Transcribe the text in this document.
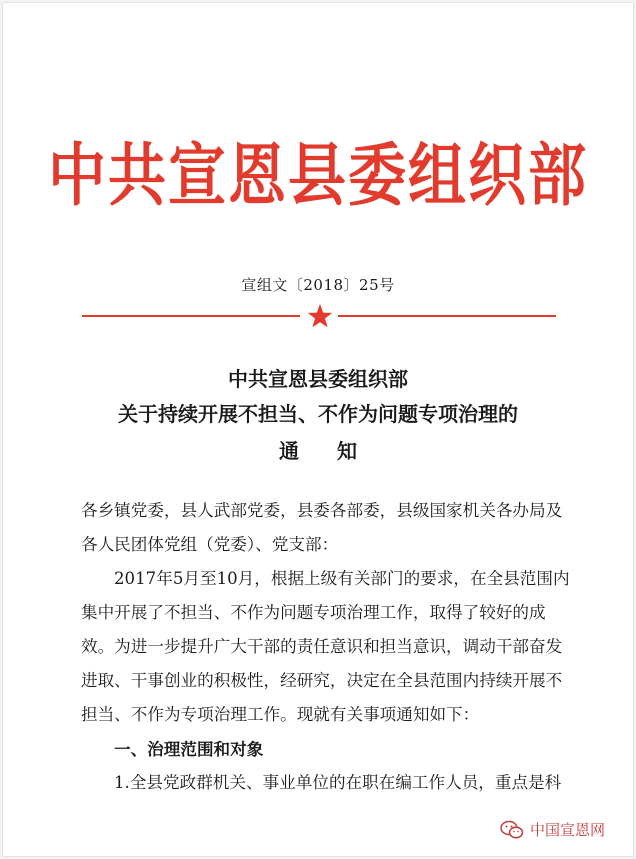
中共宣恩县委组织部
宣组文〔2018〕25号
中共宣恩县委组织部
关于持续开展不担当、不作为问题专项治理的
通知
各乡镇党委，县人武部党委，县委各部委，县级国家机关各办局及
各人民团体党组（党委）、党支部：
2017年5月至10月，根据上级有关部门的要求，在全县范围内
集中开展了不担当、不作为问题专项治理工作，取得了较好的成
效。为进一步提升广大干部的责任意识和担当意识，调动干部奋发
进取、干事创业的积极性，经研究，决定在全县范围内持续开展不
担当、不作为专项治理工作。现就有关事项通知如下：
一、治理范围和对象
1.全县党政群机关、事业单位的在职在编工作人员，重点是科
中国宣恩网
